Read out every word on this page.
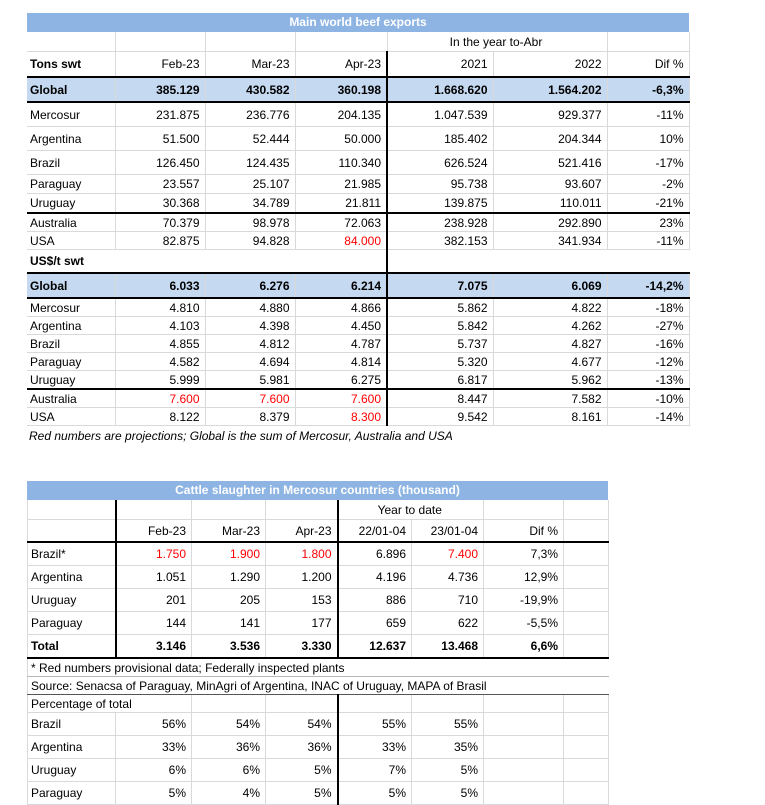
Main world beef exports
				In the year to-Abr		
Tons swt	Feb-23	Mar-23	Apr-23	2021	2022	Dif %
Global	385.129	430.582	360.198	1.668.620	1.564.202	-6,3%
Mercosur	231.875	236.776	204.135	1.047.539	929.377	-11%
Argentina	51.500	52.444	50.000	185.402	204.344	10%
Brazil	126.450	124.435	110.340	626.524	521.416	-17%
Paraguay	23.557	25.107	21.985	95.738	93.607	-2%
Uruguay	30.368	34.789	21.811	139.875	110.011	-21%
Australia	70.379	98.978	72.063	238.928	292.890	23%
USA	82.875	94.828	84.000	382.153	341.934	-11%
US$/t swt						
Global	6.033	6.276	6.214	7.075	6.069	-14,2%
Mercosur	4.810	4.880	4.866	5.862	4.822	-18%
Argentina	4.103	4.398	4.450	5.842	4.262	-27%
Brazil	4.855	4.812	4.787	5.737	4.827	-16%
Paraguay	4.582	4.694	4.814	5.320	4.677	-12%
Uruguay	5.999	5.981	6.275	6.817	5.962	-13%
Australia	7.600	7.600	7.600	8.447	7.582	-10%
USA	8.122	8.379	8.300	9.542	8.161	-14%
Red numbers are projections; Global is the sum of Mercosur, Australia and USA
Cattle slaughter in Mercosur countries (thousand)
				Year to date			
	Feb-23	Mar-23	Apr-23	22/01-04	23/01-04	Dif %	
Brazil*	1.750	1.900	1.800	6.896	7.400	7,3%	
Argentina	1.051	1.290	1.200	4.196	4.736	12,9%	
Uruguay	201	205	153	886	710	-19,9%	
Paraguay	144	141	177	659	622	-5,5%	
Total	3.146	3.536	3.330	12.637	13.468	6,6%	
* Red numbers provisional data; Federally inspected plants							
Source: Senacsa of Paraguay, MinAgri of Argentina, INAC of Uruguay, MAPA of Brasil							
Percentage of total							
Brazil	56%	54%	54%	55%	55%		
Argentina	33%	36%	36%	33%	35%		
Uruguay	6%	6%	5%	7%	5%		
Paraguay	5%	4%	5%	5%	5%		
